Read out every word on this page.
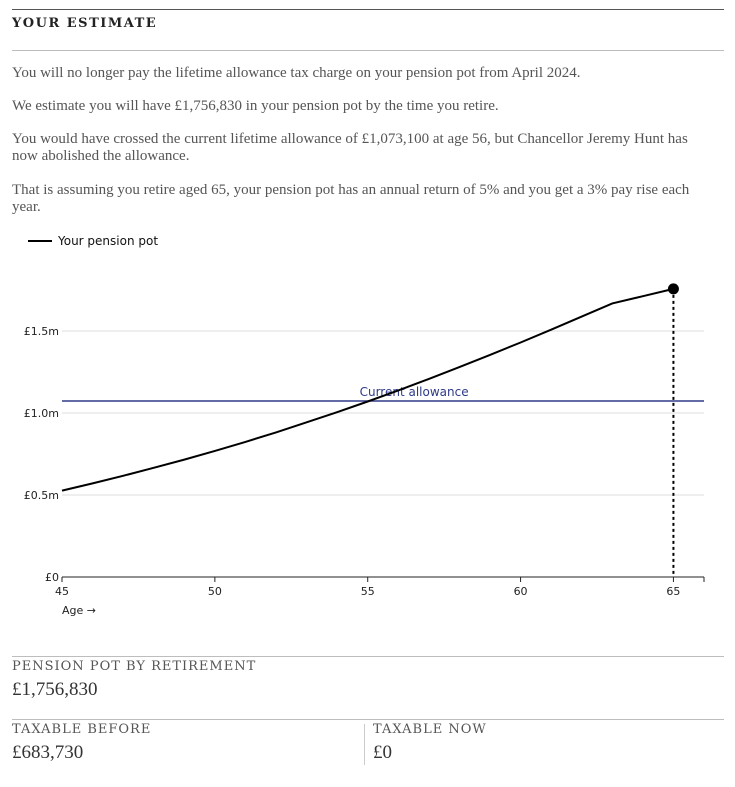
YOUR ESTIMATE
You will no longer pay the lifetime allowance tax charge on your pension pot from April 2024.
We estimate you will have £1,756,830 in your pension pot by the time you retire.
You would have crossed the current lifetime allowance of £1,073,100 at age 56, but Chancellor Jeremy Hunt has now abolished the allowance.
That is assuming you retire aged 65, your pension pot has an annual return of 5% and you get a 3% pay rise each year.
Your pension pot
£0
£0.5m
£1.0m
£1.5m
45	50	55	60	65
Age →
Current allowance
PENSION POT BY RETIREMENT
£1,756,830
TAXABLE BEFORE
£683,730
TAXABLE NOW
£0
